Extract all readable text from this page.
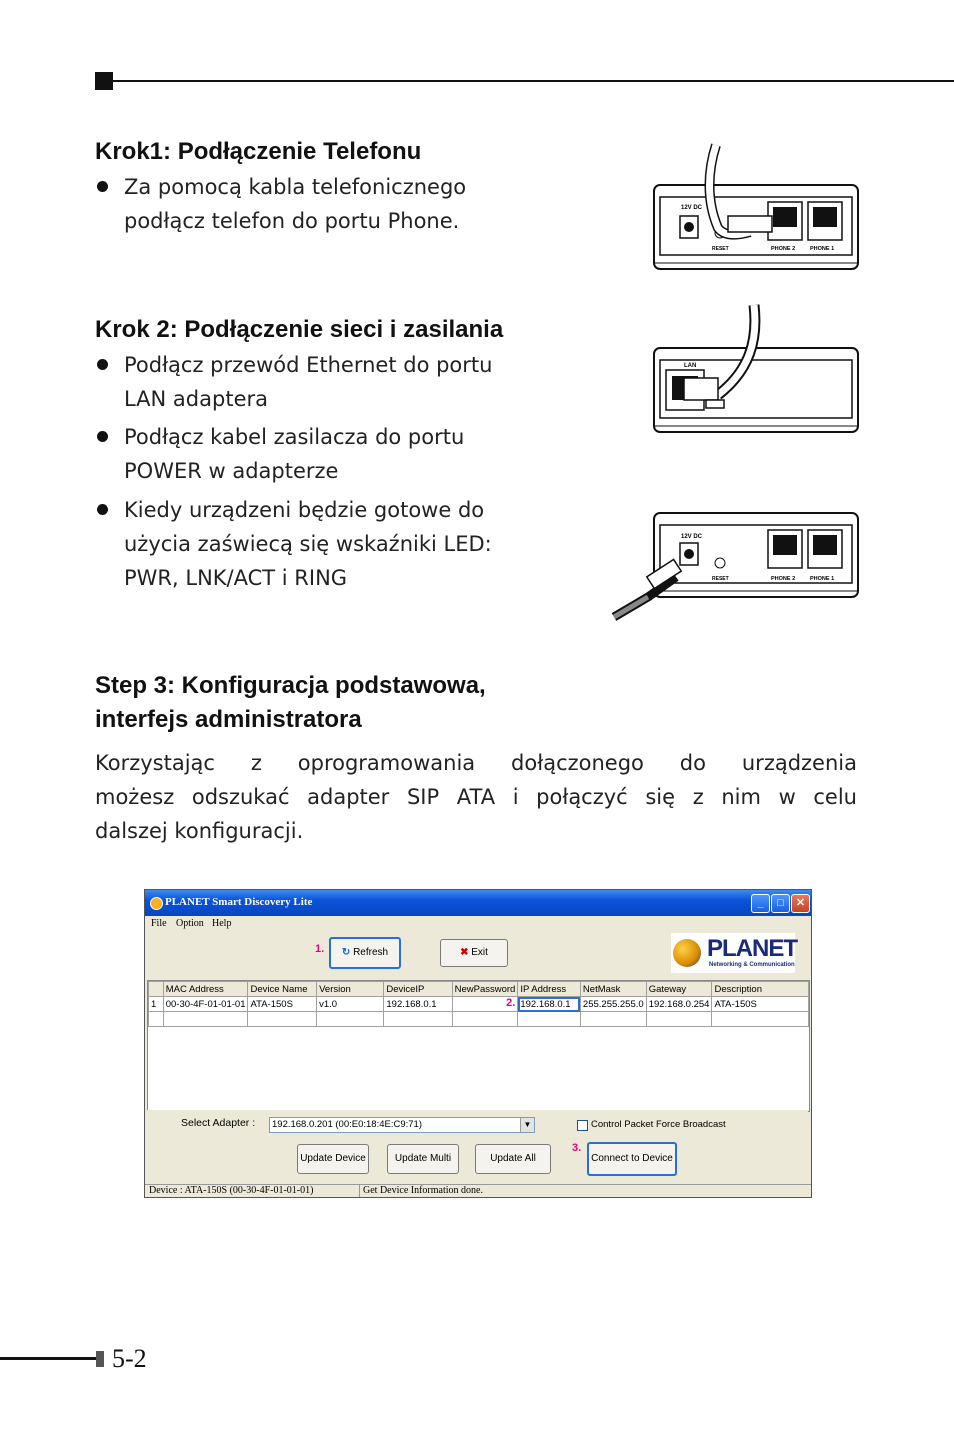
Krok1: Podłączenie Telefonu
Za pomocą kabla telefonicznego
podłącz telefon do portu Phone.
Krok 2: Podłączenie sieci i zasilania
Podłącz przewód Ethernet do portu
LAN adaptera
Podłącz kabel zasilacza do portu
POWER w adapterze
Kiedy urządzeni będzie gotowe do
użycia zaświecą się wskaźniki LED:
PWR, LNK/ACT i RING
12V DC
RESET	PHONE 2	PHONE 1
LAN
12V DC
RESET	PHONE 2	PHONE 1
Step 3: Konfiguracja podstawowa,
interfejs administratora
Korzystając z oprogramowania dołączonego do urządzenia
możesz odszukać adapter SIP ATA i połączyć się z nim w celu
dalszej konfiguracji.
PLANET Smart Discovery Lite	_	□	✕
File Option Help
1.	↻ Refresh	✖ Exit	PLANET
Networking & Communication
	MAC Address	Device Name	Version	DeviceIP	NewPassword	IP Address	NetMask	Gateway	Description
1	00-30-4F-01-01-01	ATA-150S	v1.0	192.168.0.1	2.	192.168.0.1	255.255.255.0	192.168.0.254	ATA-150S

Select Adapter :	192.168.0.201 (00:E0:18:4E:C9:71)	▼	Control Packet Force Broadcast
Update Device	Update Multi	Update All
3.
Connect to Device
Device : ATA-150S (00-30-4F-01-01-01)	Get Device Information done.
5-2
